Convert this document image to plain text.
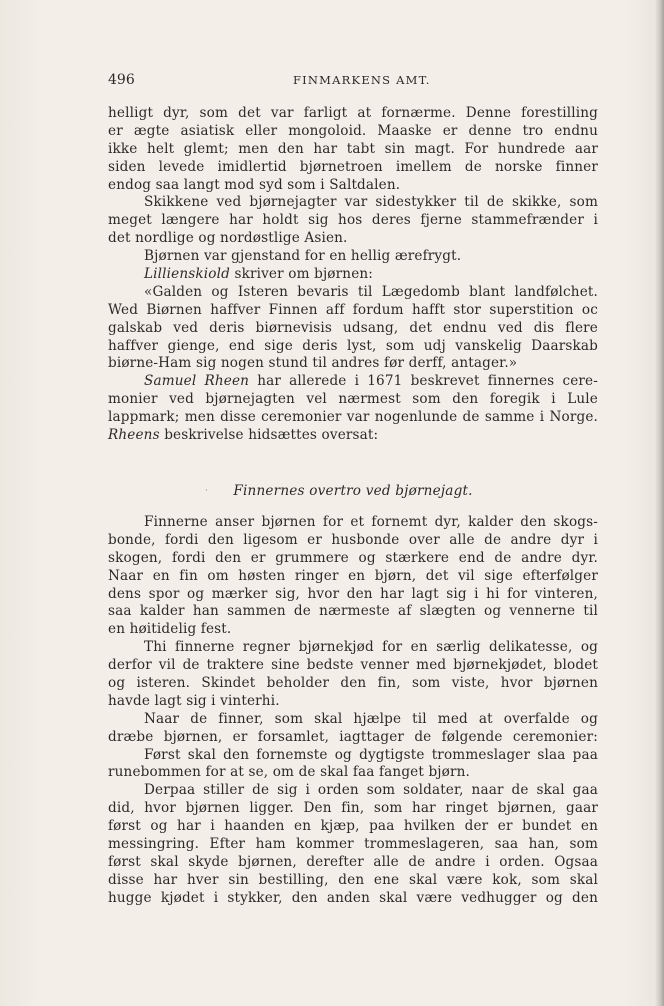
496	FINMARKENS AMT.
helligt dyr, som det var farligt at fornærme. Denne forestilling
er ægte asiatisk eller mongoloid. Maaske er denne tro endnu
ikke helt glemt; men den har tabt sin magt. For hundrede aar
siden levede imidlertid bjørnetroen imellem de norske finner
endog saa langt mod syd som i Saltdalen.
Skikkene ved bjørnejagter var sidestykker til de skikke, som
meget længere har holdt sig hos deres fjerne stammefrænder i
det nordlige og nordøstlige Asien.
Bjørnen var gjenstand for en hellig ærefrygt.
Lillienskiold skriver om bjørnen:
«Galden og Isteren bevaris til Lægedomb blant landfølchet.
Wed Biørnen haffver Finnen aff fordum hafft stor superstition oc
galskab ved deris biørnevisis udsang, det endnu ved dis flere
haffver gienge, end sige deris lyst, som udj vanskelig Daarskab
biørne-Ham sig nogen stund til andres før derff, antager.»
Samuel Rheen har allerede i 1671 beskrevet finnernes cere-
monier ved bjørnejagten vel nærmest som den foregik i Lule
lappmark; men disse ceremonier var nogenlunde de samme i Norge.
Rheens beskrivelse hidsættes oversat:
·	Finnernes overtro ved bjørnejagt.
Finnerne anser bjørnen for et fornemt dyr, kalder den skogs-
bonde, fordi den ligesom er husbonde over alle de andre dyr i
skogen, fordi den er grummere og stærkere end de andre dyr.
Naar en fin om høsten ringer en bjørn, det vil sige efterfølger
dens spor og mærker sig, hvor den har lagt sig i hi for vinteren,
saa kalder han sammen de nærmeste af slægten og vennerne til
en høitidelig fest.
Thi finnerne regner bjørnekjød for en særlig delikatesse, og
derfor vil de traktere sine bedste venner med bjørnekjødet, blodet
og isteren. Skindet beholder den fin, som viste, hvor bjørnen
havde lagt sig i vinterhi.
Naar de finner, som skal hjælpe til med at overfalde og
dræbe bjørnen, er forsamlet, iagttager de følgende ceremonier:
Først skal den fornemste og dygtigste trommeslager slaa paa
runebommen for at se, om de skal faa fanget bjørn.
Derpaa stiller de sig i orden som soldater, naar de skal gaa
did, hvor bjørnen ligger. Den fin, som har ringet bjørnen, gaar
først og har i haanden en kjæp, paa hvilken der er bundet en
messingring. Efter ham kommer trommeslageren, saa han, som
først skal skyde bjørnen, derefter alle de andre i orden. Ogsaa
disse har hver sin bestilling, den ene skal være kok, som skal
hugge kjødet i stykker, den anden skal være vedhugger og den
